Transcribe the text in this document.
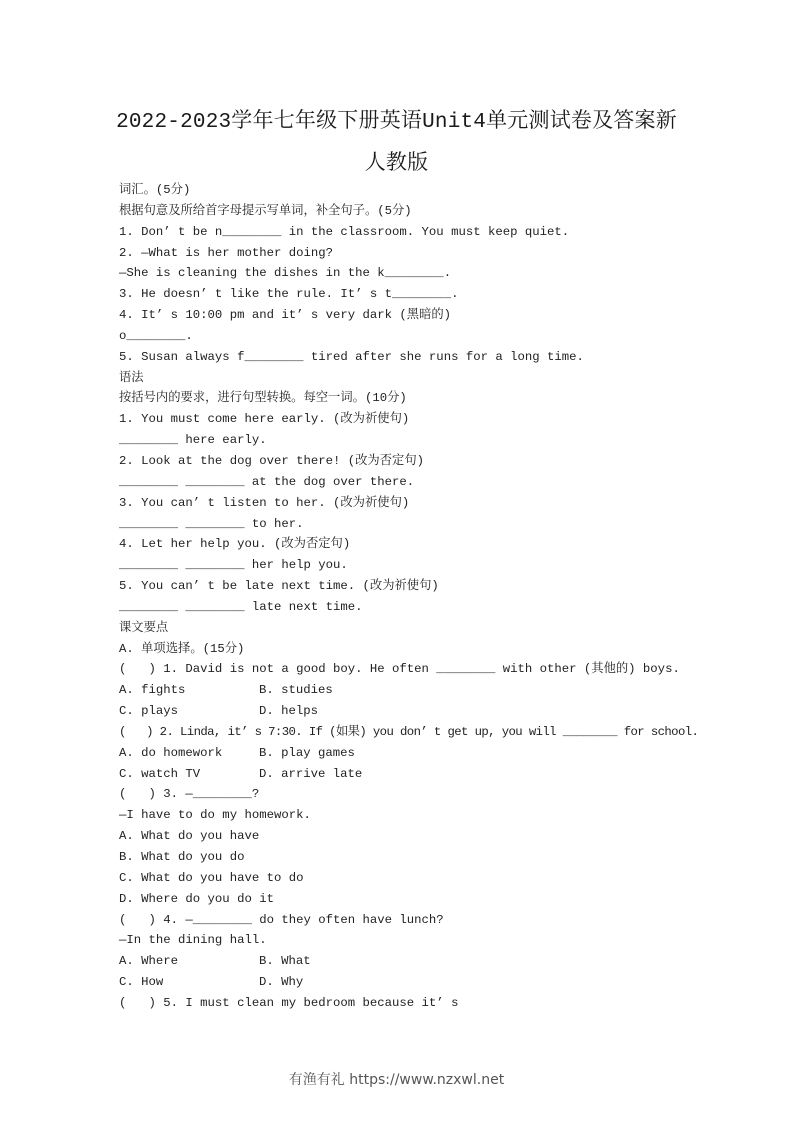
2022-2023学年七年级下册英语Unit4单元测试卷及答案新
人教版
词汇。(5分)
根据句意及所给首字母提示写单词，补全句子。(5分)
1. Don’ t be n________ in the classroom. You must keep quiet.
2. —What is her mother doing?
—She is cleaning the dishes in the k________.
3. He doesn’ t like the rule. It’ s t________.
4. It’ s 10:00 pm and it’ s very dark (黑暗的)
o________.
5. Susan always f________ tired after she runs for a long time.
语法
按括号内的要求，进行句型转换。每空一词。(10分)
1. You must come here early. (改为祈使句)
________ here early.
2. Look at the dog over there! (改为否定句)
________ ________ at the dog over there.
3. You can’ t listen to her. (改为祈使句)
________ ________ to her.
4. Let her help you. (改为否定句)
________ ________ her help you.
5. You can’ t be late next time. (改为祈使句)
________ ________ late next time.
课文要点
A. 单项选择。(15分)
(   ) 1. David is not a good boy. He often ________ with other (其他的) boys.
A. fights	B. studies
C. plays	D. helps
(   ) 2. Linda, it’ s 7:30. If (如果) you don’ t get up, you will ________ for school.
A. do homework	B. play games
C. watch TV	D. arrive late
(   ) 3. —________?
—I have to do my homework.
A. What do you have
B. What do you do
C. What do you have to do
D. Where do you do it
(   ) 4. —________ do they often have lunch?
—In the dining hall.
A. Where	B. What
C. How	D. Why
(   ) 5. I must clean my bedroom because it’ s
有渔有礼 https://www.nzxwl.net
